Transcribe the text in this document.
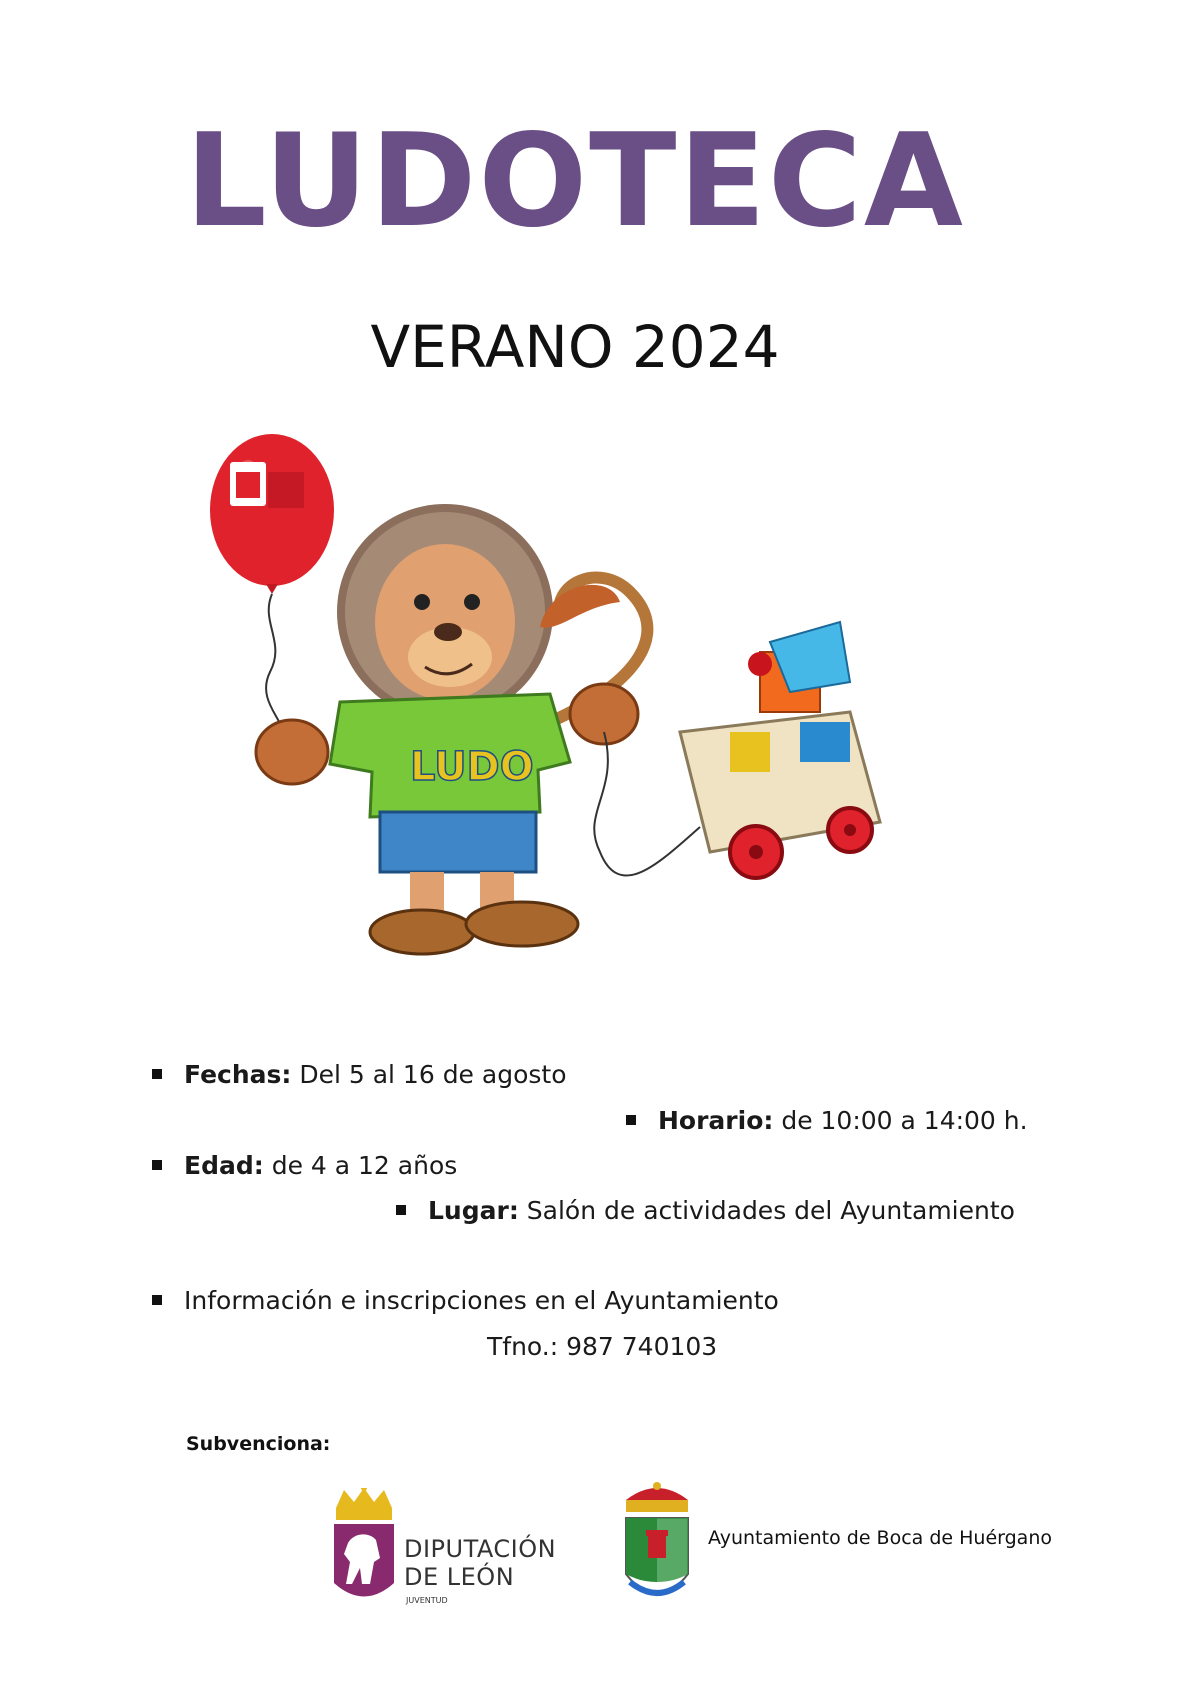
LUDOTECA
VERANO 2024
LUDO
Fechas: Del 5 al 16 de agosto
Horario: de 10:00 a 14:00 h.
Edad: de 4 a 12 años
Lugar: Salón de actividades del Ayuntamiento
Información e inscripciones en el Ayuntamiento
Tfno.: 987 740103
Subvenciona:
DIPUTACIÓN
DE LEÓN
JUVENTUD
Ayuntamiento de Boca de Huérgano
